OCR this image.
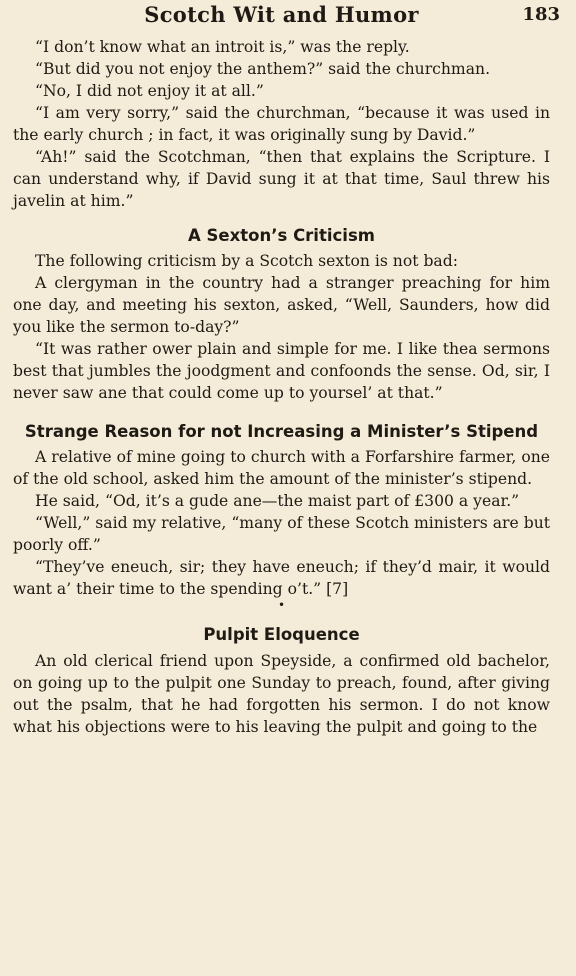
Scotch Wit and Humor	183

“I don’t know what an introit is,” was the reply.

“But did you not enjoy the anthem?” said the churchman.

“No, I did not enjoy it at all.”

“I am very sorry,” said the churchman, “because it was used in the early church ; in fact, it was originally sung by David.”

“Ah!” said the Scotchman, “then that explains the Scripture. I can understand why, if David sung it at that time, Saul threw his javelin at him.”

A Sexton’s Criticism

The following criticism by a Scotch sexton is not bad:

A clergyman in the country had a stranger preaching for him one day, and meeting his sexton, asked, “Well, Saunders, how did you like the sermon to-day?”

“It was rather ower plain and simple for me. I like thea sermons best that jumbles the joodgment and confoonds the sense. Od, sir, I never saw ane that could come up to yoursel’ at that.”

Strange Reason for not Increasing a Minister’s Stipend

A relative of mine going to church with a Forfarshire farmer, one of the old school, asked him the amount of the minister’s stipend.

He said, “Od, it’s a gude ane—the maist part of £300 a year.”

“Well,” said my relative, “many of these Scotch ministers are but poorly off.”

“They’ve eneuch, sir; they have eneuch; if they’d mair, it would want a’ their time to the spending o’t.” [7]

•
Pulpit Eloquence

An old clerical friend upon Speyside, a confirmed old bachelor, on going up to the pulpit one Sunday to preach, found, after giving out the psalm, that he had forgotten his sermon. I do not know what his objections were to his leaving the pulpit and going to the
